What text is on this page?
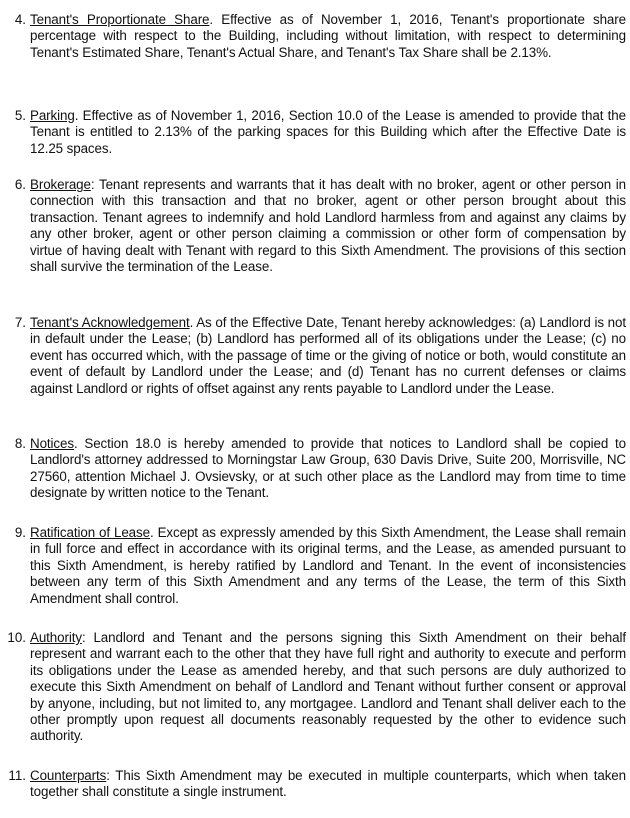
4. Tenant's Proportionate Share. Effective as of November 1, 2016, Tenant's proportionate share percentage with respect to the Building, including without limitation, with respect to determining Tenant's Estimated Share, Tenant's Actual Share, and Tenant's Tax Share shall be 2.13%.
5. Parking. Effective as of November 1, 2016, Section 10.0 of the Lease is amended to provide that the Tenant is entitled to 2.13% of the parking spaces for this Building which after the Effective Date is 12.25 spaces.
6. Brokerage: Tenant represents and warrants that it has dealt with no broker, agent or other person in connection with this transaction and that no broker, agent or other person brought about this transaction. Tenant agrees to indemnify and hold Landlord harmless from and against any claims by any other broker, agent or other person claiming a commission or other form of compensation by virtue of having dealt with Tenant with regard to this Sixth Amendment. The provisions of this section shall survive the termination of the Lease.
7. Tenant's Acknowledgement. As of the Effective Date, Tenant hereby acknowledges: (a) Landlord is not in default under the Lease; (b) Landlord has performed all of its obligations under the Lease; (c) no event has occurred which, with the passage of time or the giving of notice or both, would constitute an event of default by Landlord under the Lease; and (d) Tenant has no current defenses or claims against Landlord or rights of offset against any rents payable to Landlord under the Lease.
8. Notices. Section 18.0 is hereby amended to provide that notices to Landlord shall be copied to Landlord's attorney addressed to Morningstar Law Group, 630 Davis Drive, Suite 200, Morrisville, NC 27560, attention Michael J. Ovsievsky, or at such other place as the Landlord may from time to time designate by written notice to the Tenant.
9. Ratification of Lease. Except as expressly amended by this Sixth Amendment, the Lease shall remain in full force and effect in accordance with its original terms, and the Lease, as amended pursuant to this Sixth Amendment, is hereby ratified by Landlord and Tenant. In the event of inconsistencies between any term of this Sixth Amendment and any terms of the Lease, the term of this Sixth Amendment shall control.
10. Authority: Landlord and Tenant and the persons signing this Sixth Amendment on their behalf represent and warrant each to the other that they have full right and authority to execute and perform its obligations under the Lease as amended hereby, and that such persons are duly authorized to execute this Sixth Amendment on behalf of Landlord and Tenant without further consent or approval by anyone, including, but not limited to, any mortgagee. Landlord and Tenant shall deliver each to the other promptly upon request all documents reasonably requested by the other to evidence such authority.
11. Counterparts: This Sixth Amendment may be executed in multiple counterparts, which when taken together shall constitute a single instrument.
